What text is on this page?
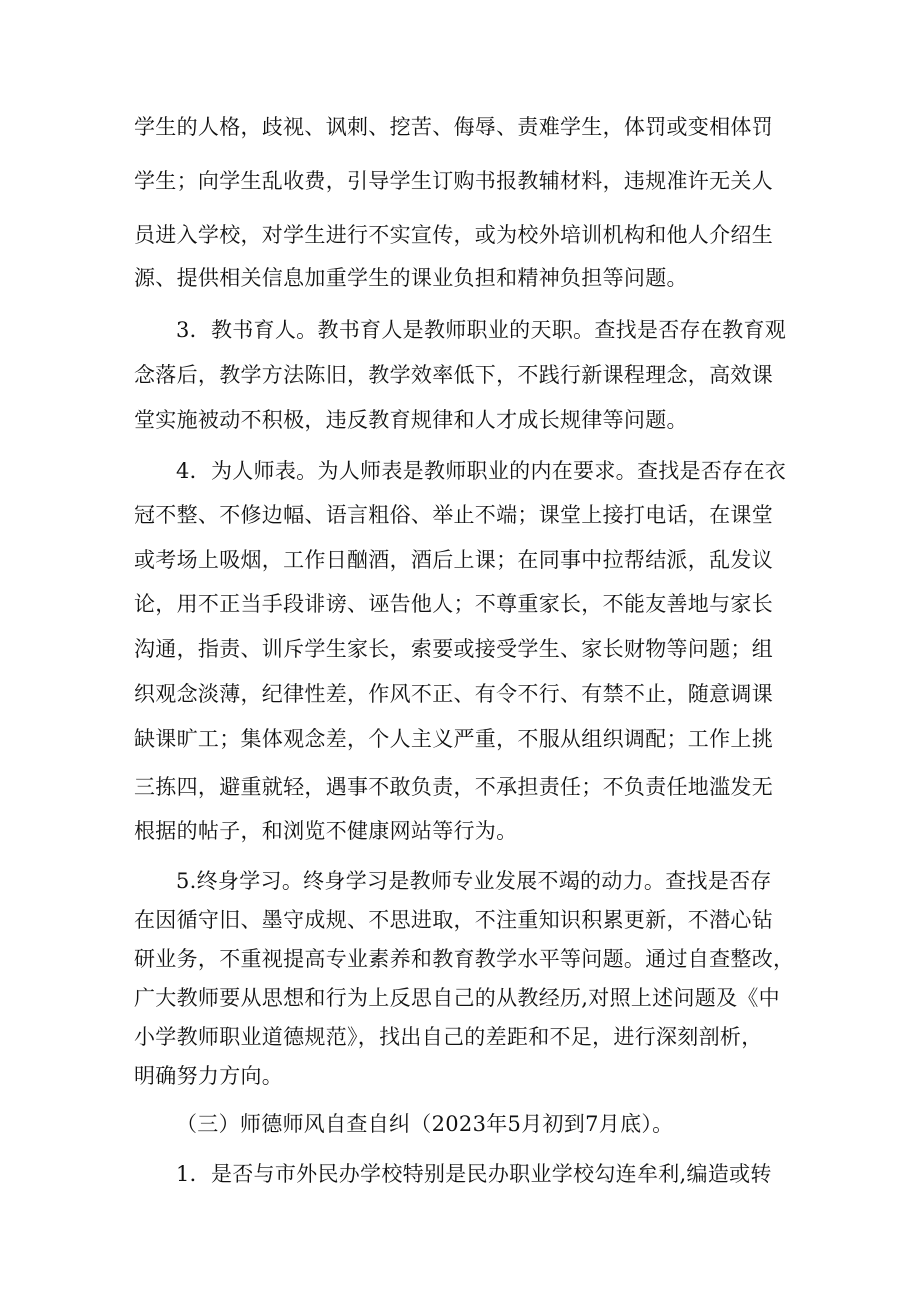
学生的人格，歧视、讽刺、挖苦、侮辱、责难学生，体罚或变相体罚
学生；向学生乱收费，引导学生订购书报教辅材料，违规准许无关人
员进入学校，对学生进行不实宣传，或为校外培训机构和他人介绍生
源、提供相关信息加重学生的课业负担和精神负担等问题。
3．教书育人。教书育人是教师职业的天职。查找是否存在教育观
念落后，教学方法陈旧，教学效率低下，不践行新课程理念，高效课
堂实施被动不积极，违反教育规律和人才成长规律等问题。
4．为人师表。为人师表是教师职业的内在要求。查找是否存在衣
冠不整、不修边幅、语言粗俗、举止不端；课堂上接打电话，在课堂
或考场上吸烟，工作日酗酒，酒后上课；在同事中拉帮结派，乱发议
论，用不正当手段诽谤、诬告他人；不尊重家长，不能友善地与家长
沟通，指责、训斥学生家长，索要或接受学生、家长财物等问题；组
织观念淡薄，纪律性差，作风不正、有令不行、有禁不止，随意调课
缺课旷工；集体观念差，个人主义严重，不服从组织调配；工作上挑
三拣四，避重就轻，遇事不敢负责，不承担责任；不负责任地滥发无
根据的帖子，和浏览不健康网站等行为。
5.终身学习。终身学习是教师专业发展不竭的动力。查找是否存
在因循守旧、墨守成规、不思进取，不注重知识积累更新，不潜心钻
研业务，不重视提高专业素养和教育教学水平等问题。通过自查整改，
广大教师要从思想和行为上反思自己的从教经历,对照上述问题及《中
小学教师职业道德规范》，找出自己的差距和不足，进行深刻剖析，
明确努力方向。
（三）师德师风自查自纠（2023年5月初到7月底）。
1．是否与市外民办学校特别是民办职业学校勾连牟利,编造或转
